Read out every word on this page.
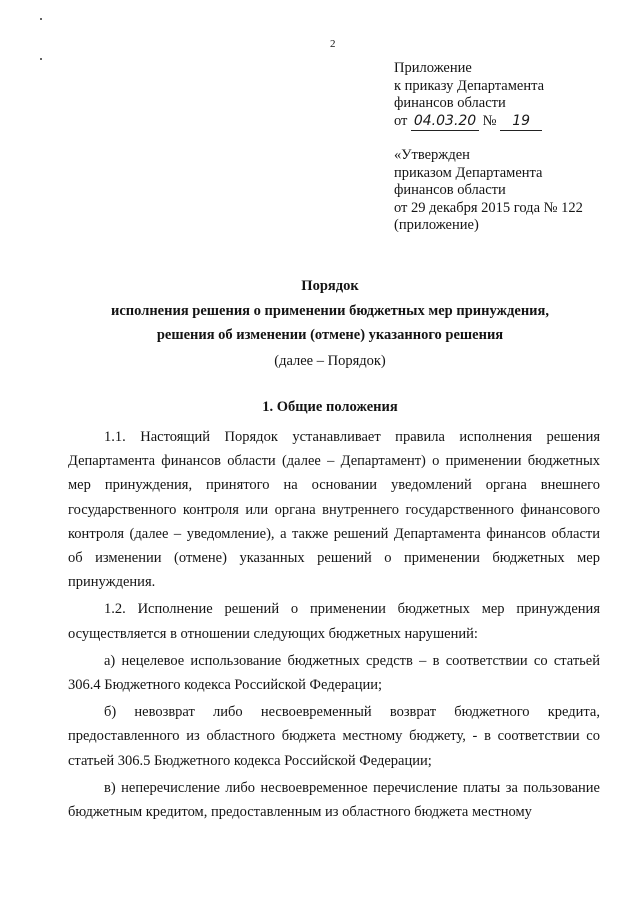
2
Приложение
к приказу Департамента
финансов области
от 04.03.20 № 19
«Утвержден
приказом Департамента
финансов области
от 29 декабря 2015 года № 122
(приложение)
Порядок
исполнения решения о применении бюджетных мер принуждения,
решения об изменении (отмене) указанного решения
(далее – Порядок)
1. Общие положения

1.1. Настоящий Порядок устанавливает правила исполнения решения Департамента финансов области (далее – Департамент) о применении бюджетных мер принуждения, принятого на основании уведомлений органа внешнего государственного контроля или органа внутреннего государственного финансового контроля (далее – уведомление), а также решений Департамента финансов области об изменении (отмене) указанных решений о применении бюджетных мер принуждения.

1.2. Исполнение решений о применении бюджетных мер принуждения осуществляется в отношении следующих бюджетных нарушений:

а) нецелевое использование бюджетных средств – в соответствии со статьей 306.4 Бюджетного кодекса Российской Федерации;

б) невозврат либо несвоевременный возврат бюджетного кредита, предоставленного из областного бюджета местному бюджету, - в соответствии со статьей 306.5 Бюджетного кодекса Российской Федерации;

в) неперечисление либо несвоевременное перечисление платы за пользование бюджетным кредитом, предоставленным из областного бюджета местному
